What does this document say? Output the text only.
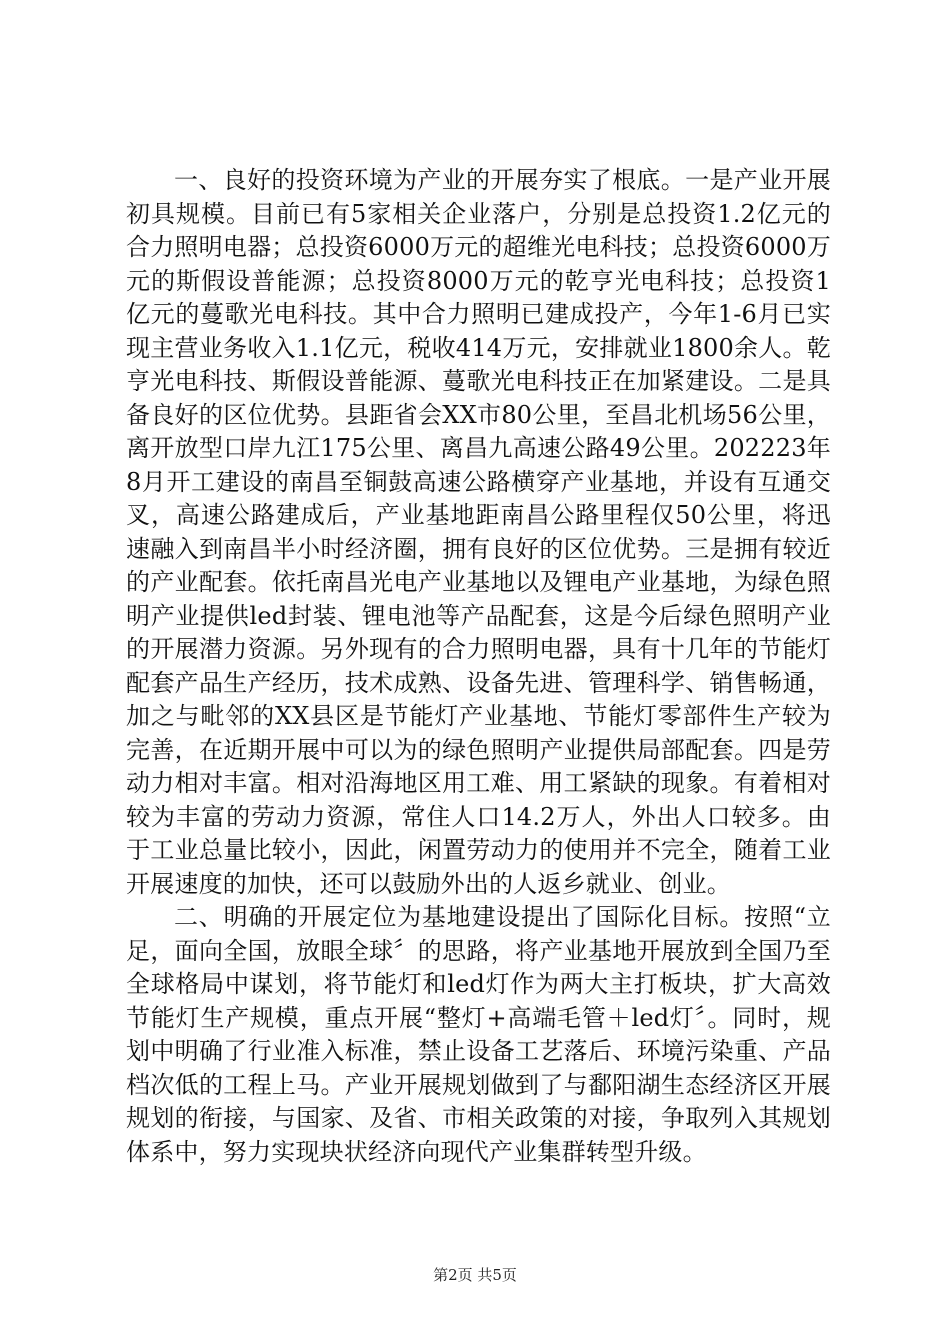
一、良好的投资环境为产业的开展夯实了根底。一是产业开展初具规模。目前已有5家相关企业落户，分别是总投资1.2亿元的合力照明电器；总投资6000万元的超维光电科技；总投资6000万元的斯假设普能源；总投资8000万元的乾亨光电科技；总投资1亿元的蔓歌光电科技。其中合力照明已建成投产，今年1-6月已实现主营业务收入1.1亿元，税收414万元，安排就业1800余人。乾亨光电科技、斯假设普能源、蔓歌光电科技正在加紧建设。二是具备良好的区位优势。县距省会XX市80公里，至昌北机场56公里，离开放型口岸九江175公里、离昌九高速公路49公里。202223年8月开工建设的南昌至铜鼓高速公路横穿产业基地，并设有互通交叉，高速公路建成后，产业基地距南昌公路里程仅50公里，将迅速融入到南昌半小时经济圈，拥有良好的区位优势。三是拥有较近的产业配套。依托南昌光电产业基地以及锂电产业基地，为绿色照明产业提供led封装、锂电池等产品配套，这是今后绿色照明产业的开展潜力资源。另外现有的合力照明电器，具有十几年的节能灯配套产品生产经历，技术成熟、设备先进、管理科学、销售畅通，加之与毗邻的XX县区是节能灯产业基地、节能灯零部件生产较为完善，在近期开展中可以为的绿色照明产业提供局部配套。四是劳动力相对丰富。相对沿海地区用工难、用工紧缺的现象。有着相对较为丰富的劳动力资源，常住人口14.2万人，外出人口较多。由于工业总量比较小，因此，闲置劳动力的使用并不完全，随着工业开展速度的加快，还可以鼓励外出的人返乡就业、创业。

二、明确的开展定位为基地建设提出了国际化目标。按照“立足，面向全国，放眼全球〞的思路，将产业基地开展放到全国乃至全球格局中谋划，将节能灯和led灯作为两大主打板块，扩大高效节能灯生产规模，重点开展“整灯+高端毛管＋led灯〞。同时，规划中明确了行业准入标准，禁止设备工艺落后、环境污染重、产品档次低的工程上马。产业开展规划做到了与鄱阳湖生态经济区开展规划的衔接，与国家、及省、市相关政策的对接，争取列入其规划体系中，努力实现块状经济向现代产业集群转型升级。

第2页 共5页
